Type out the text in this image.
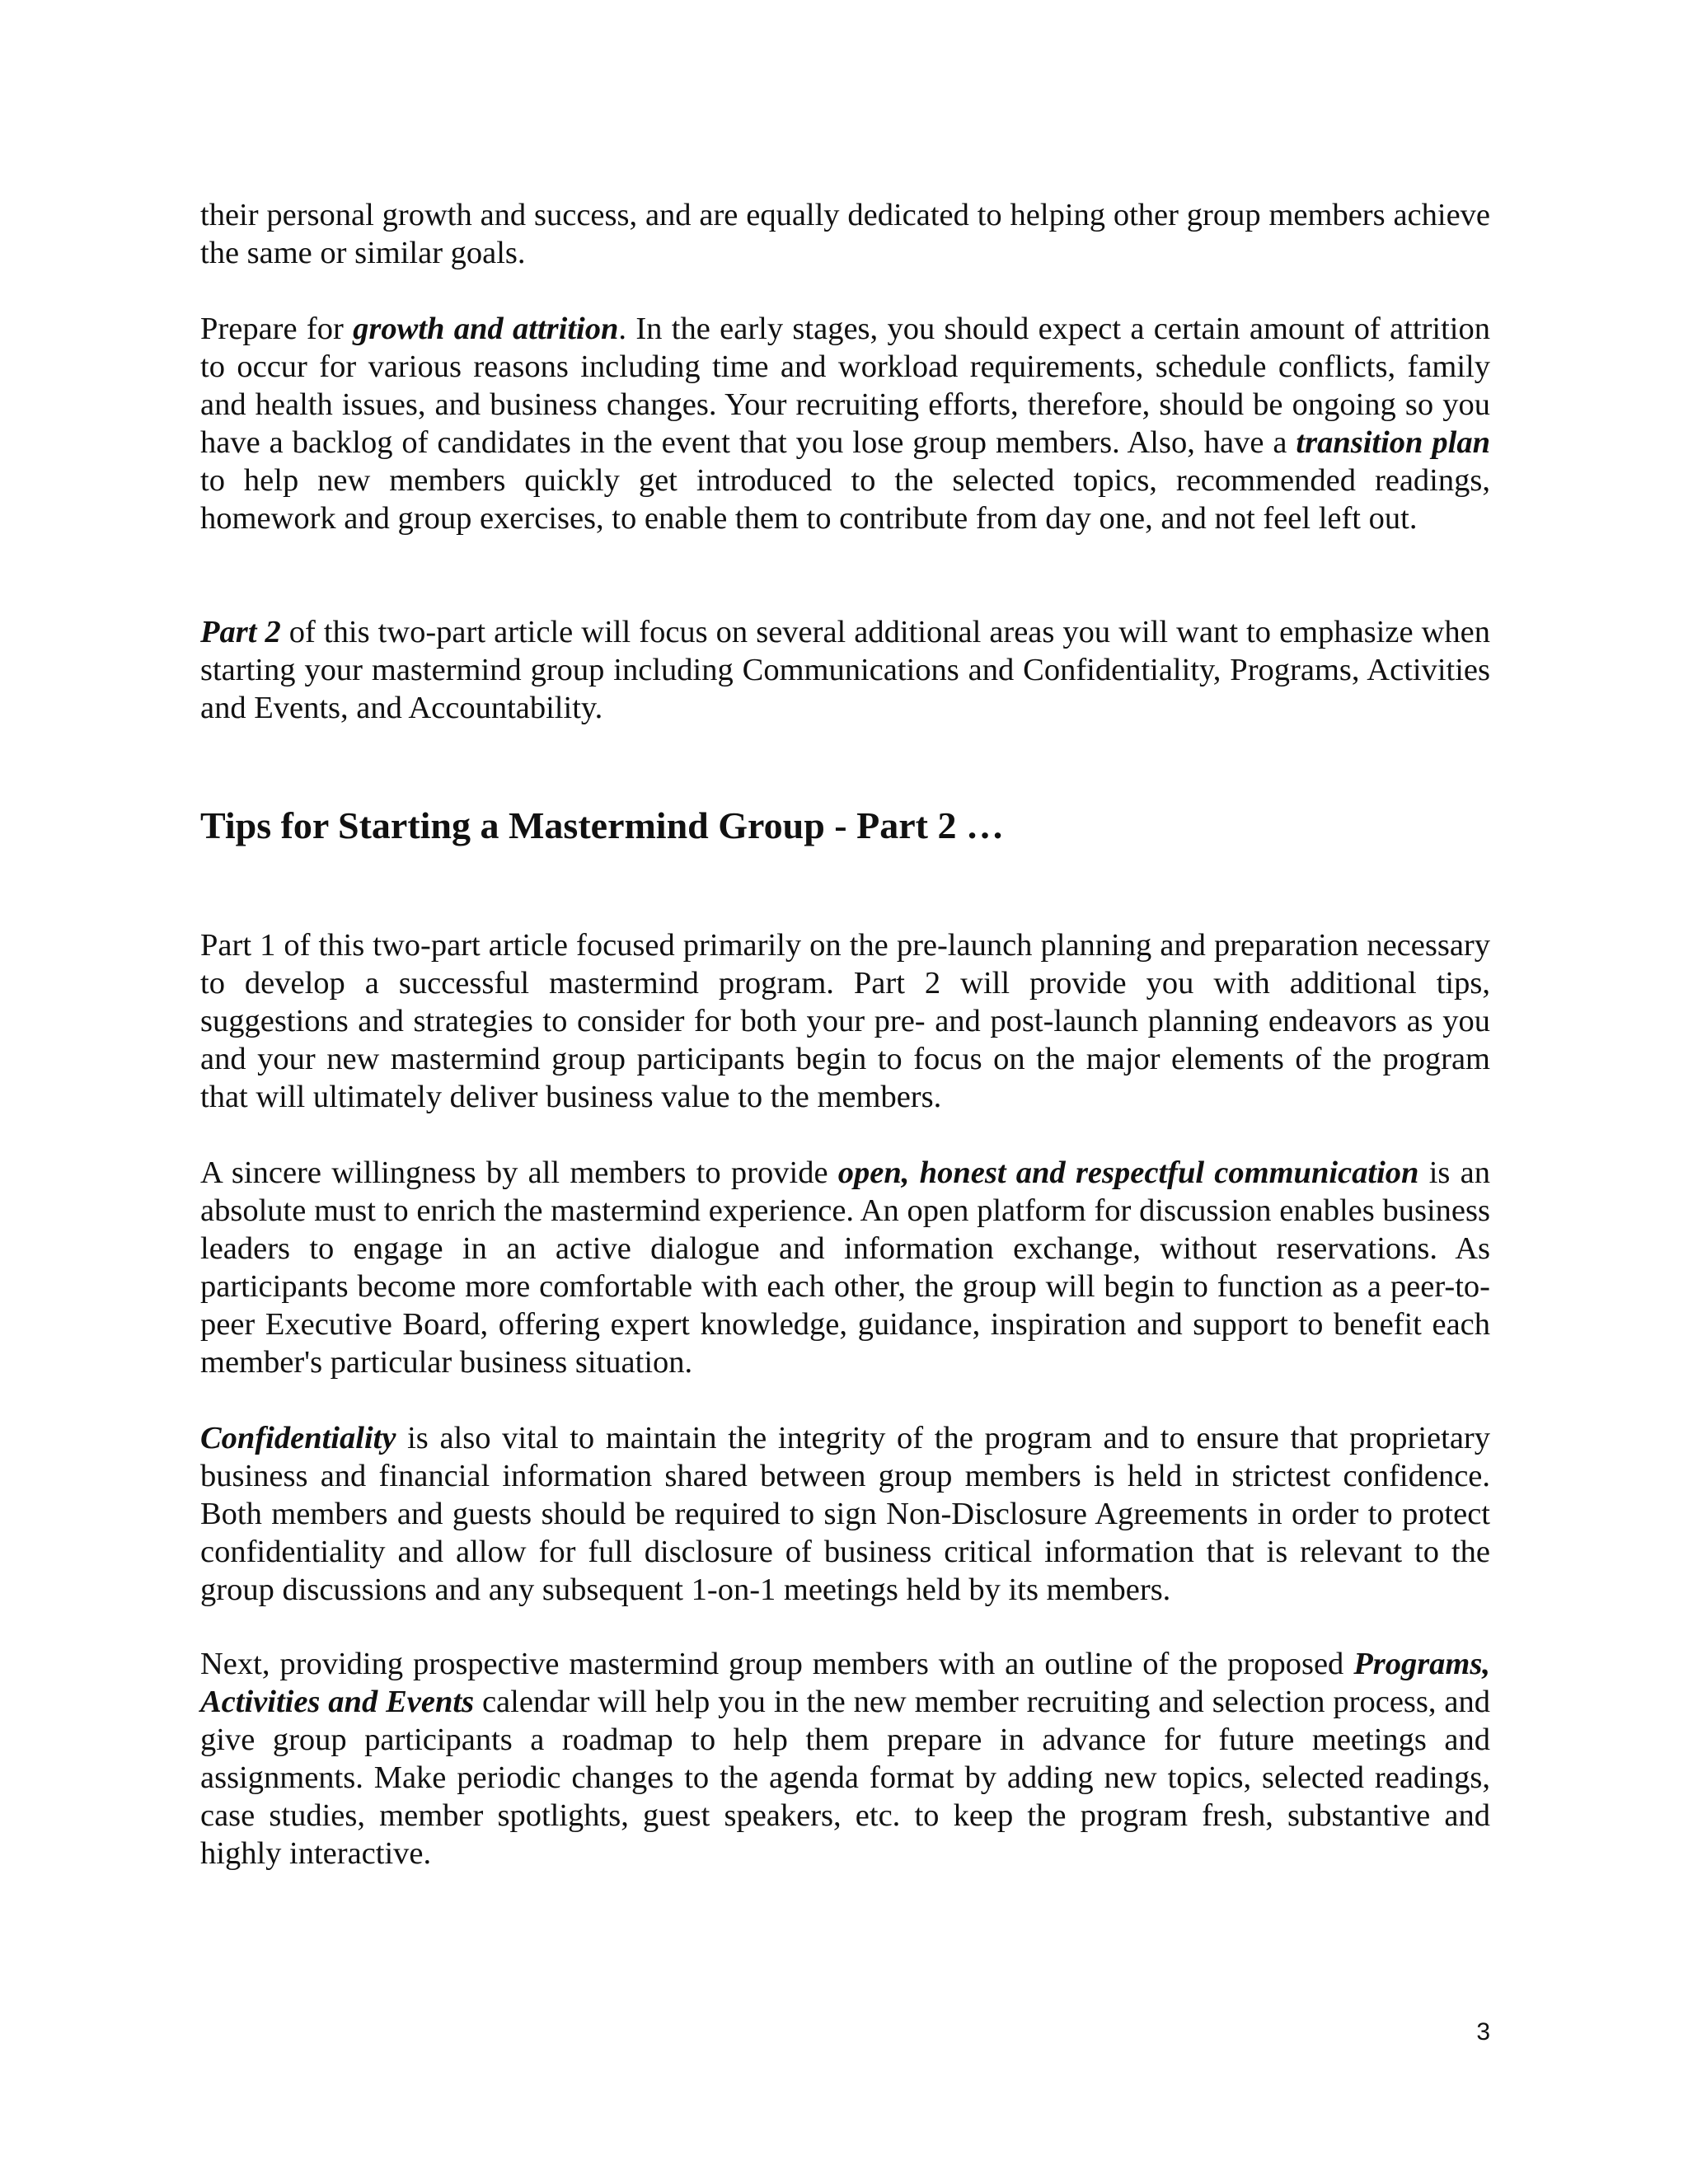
their personal growth and success, and are equally dedicated to helping other group members achieve the same or similar goals.

Prepare for growth and attrition. In the early stages, you should expect a certain amount of attrition to occur for various reasons including time and workload requirements, schedule conflicts, family and health issues, and business changes. Your recruiting efforts, therefore, should be ongoing so you have a backlog of candidates in the event that you lose group members. Also, have a transition plan to help new members quickly get introduced to the selected topics, recommended readings, homework and group exercises, to enable them to contribute from day one, and not feel left out.

Part 2 of this two-part article will focus on several additional areas you will want to emphasize when starting your mastermind group including Communications and Confidentiality, Programs, Activities and Events, and Accountability.

Tips for Starting a Mastermind Group - Part 2 …

Part 1 of this two-part article focused primarily on the pre-launch planning and preparation necessary to develop a successful mastermind program. Part 2 will provide you with additional tips, suggestions and strategies to consider for both your pre- and post-launch planning endeavors as you and your new mastermind group participants begin to focus on the major elements of the program that will ultimately deliver business value to the members.

A sincere willingness by all members to provide open, honest and respectful communication is an absolute must to enrich the mastermind experience. An open platform for discussion enables business leaders to engage in an active dialogue and information exchange, without reservations. As participants become more comfortable with each other, the group will begin to function as a peer-to-peer Executive Board, offering expert knowledge, guidance, inspiration and support to benefit each member's particular business situation.

Confidentiality is also vital to maintain the integrity of the program and to ensure that proprietary business and financial information shared between group members is held in strictest confidence. Both members and guests should be required to sign Non-Disclosure Agreements in order to protect confidentiality and allow for full disclosure of business critical information that is relevant to the group discussions and any subsequent 1-on-1 meetings held by its members.

Next, providing prospective mastermind group members with an outline of the proposed Programs, Activities and Events calendar will help you in the new member recruiting and selection process, and give group participants a roadmap to help them prepare in advance for future meetings and assignments. Make periodic changes to the agenda format by adding new topics, selected readings, case studies, member spotlights, guest speakers, etc. to keep the program fresh, substantive and highly interactive.

3
